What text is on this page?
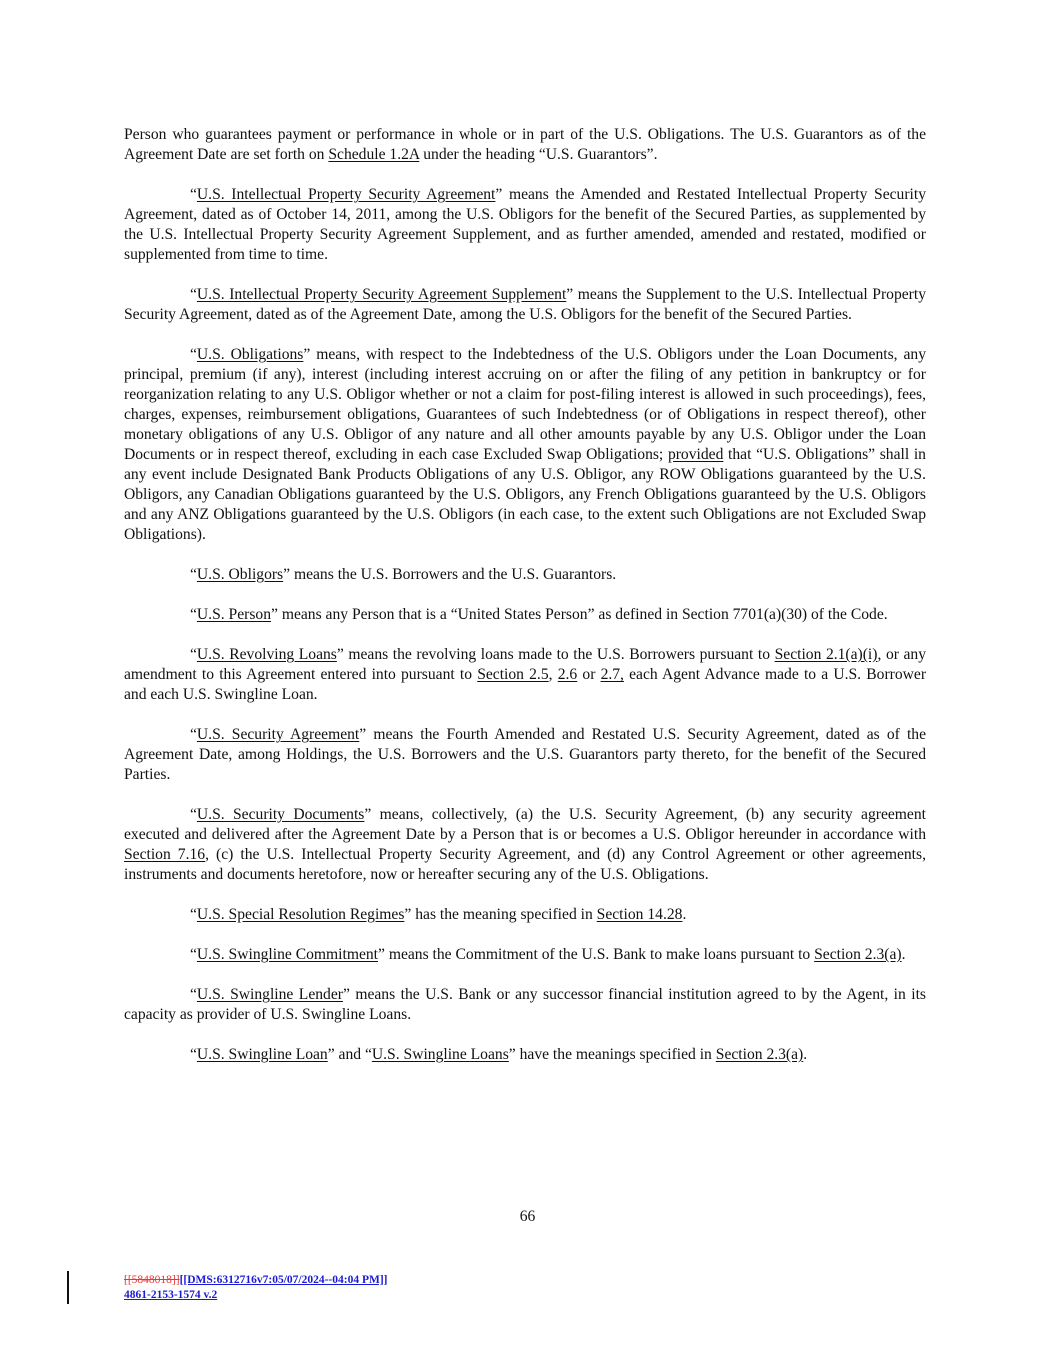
Person who guarantees payment or performance in whole or in part of the U.S. Obligations. The U.S. Guarantors as of the Agreement Date are set forth on Schedule 1.2A under the heading “U.S. Guarantors”.

“U.S. Intellectual Property Security Agreement” means the Amended and Restated Intellectual Property Security Agreement, dated as of October 14, 2011, among the U.S. Obligors for the benefit of the Secured Parties, as supplemented by the U.S. Intellectual Property Security Agreement Supplement, and as further amended, amended and restated, modified or supplemented from time to time.

“U.S. Intellectual Property Security Agreement Supplement” means the Supplement to the U.S. Intellectual Property Security Agreement, dated as of the Agreement Date, among the U.S. Obligors for the benefit of the Secured Parties.

“U.S. Obligations” means, with respect to the Indebtedness of the U.S. Obligors under the Loan Documents, any principal, premium (if any), interest (including interest accruing on or after the filing of any petition in bankruptcy or for reorganization relating to any U.S. Obligor whether or not a claim for post-filing interest is allowed in such proceedings), fees, charges, expenses, reimbursement obligations, Guarantees of such Indebtedness (or of Obligations in respect thereof), other monetary obligations of any U.S. Obligor of any nature and all other amounts payable by any U.S. Obligor under the Loan Documents or in respect thereof, excluding in each case Excluded Swap Obligations; provided that “U.S. Obligations” shall in any event include Designated Bank Products Obligations of any U.S. Obligor, any ROW Obligations guaranteed by the U.S. Obligors, any Canadian Obligations guaranteed by the U.S. Obligors, any French Obligations guaranteed by the U.S. Obligors and any ANZ Obligations guaranteed by the U.S. Obligors (in each case, to the extent such Obligations are not Excluded Swap Obligations).

“U.S. Obligors” means the U.S. Borrowers and the U.S. Guarantors.

“U.S. Person” means any Person that is a “United States Person” as defined in Section 7701(a)(30) of the Code.

“U.S. Revolving Loans” means the revolving loans made to the U.S. Borrowers pursuant to Section 2.1(a)(i), or any amendment to this Agreement entered into pursuant to Section 2.5, 2.6 or 2.7, each Agent Advance made to a U.S. Borrower and each U.S. Swingline Loan.

“U.S. Security Agreement” means the Fourth Amended and Restated U.S. Security Agreement, dated as of the Agreement Date, among Holdings, the U.S. Borrowers and the U.S. Guarantors party thereto, for the benefit of the Secured Parties.

“U.S. Security Documents” means, collectively, (a) the U.S. Security Agreement, (b) any security agreement executed and delivered after the Agreement Date by a Person that is or becomes a U.S. Obligor hereunder in accordance with Section 7.16, (c) the U.S. Intellectual Property Security Agreement, and (d) any Control Agreement or other agreements, instruments and documents heretofore, now or hereafter securing any of the U.S. Obligations.

“U.S. Special Resolution Regimes” has the meaning specified in Section 14.28.

“U.S. Swingline Commitment” means the Commitment of the U.S. Bank to make loans pursuant to Section 2.3(a).

“U.S. Swingline Lender” means the U.S. Bank or any successor financial institution agreed to by the Agent, in its capacity as provider of U.S. Swingline Loans.

“U.S. Swingline Loan” and “U.S. Swingline Loans” have the meanings specified in Section 2.3(a).

66
[[5848018]][[DMS:6312716v7:05/07/2024--04:04 PM]]
4861-2153-1574 v.2
